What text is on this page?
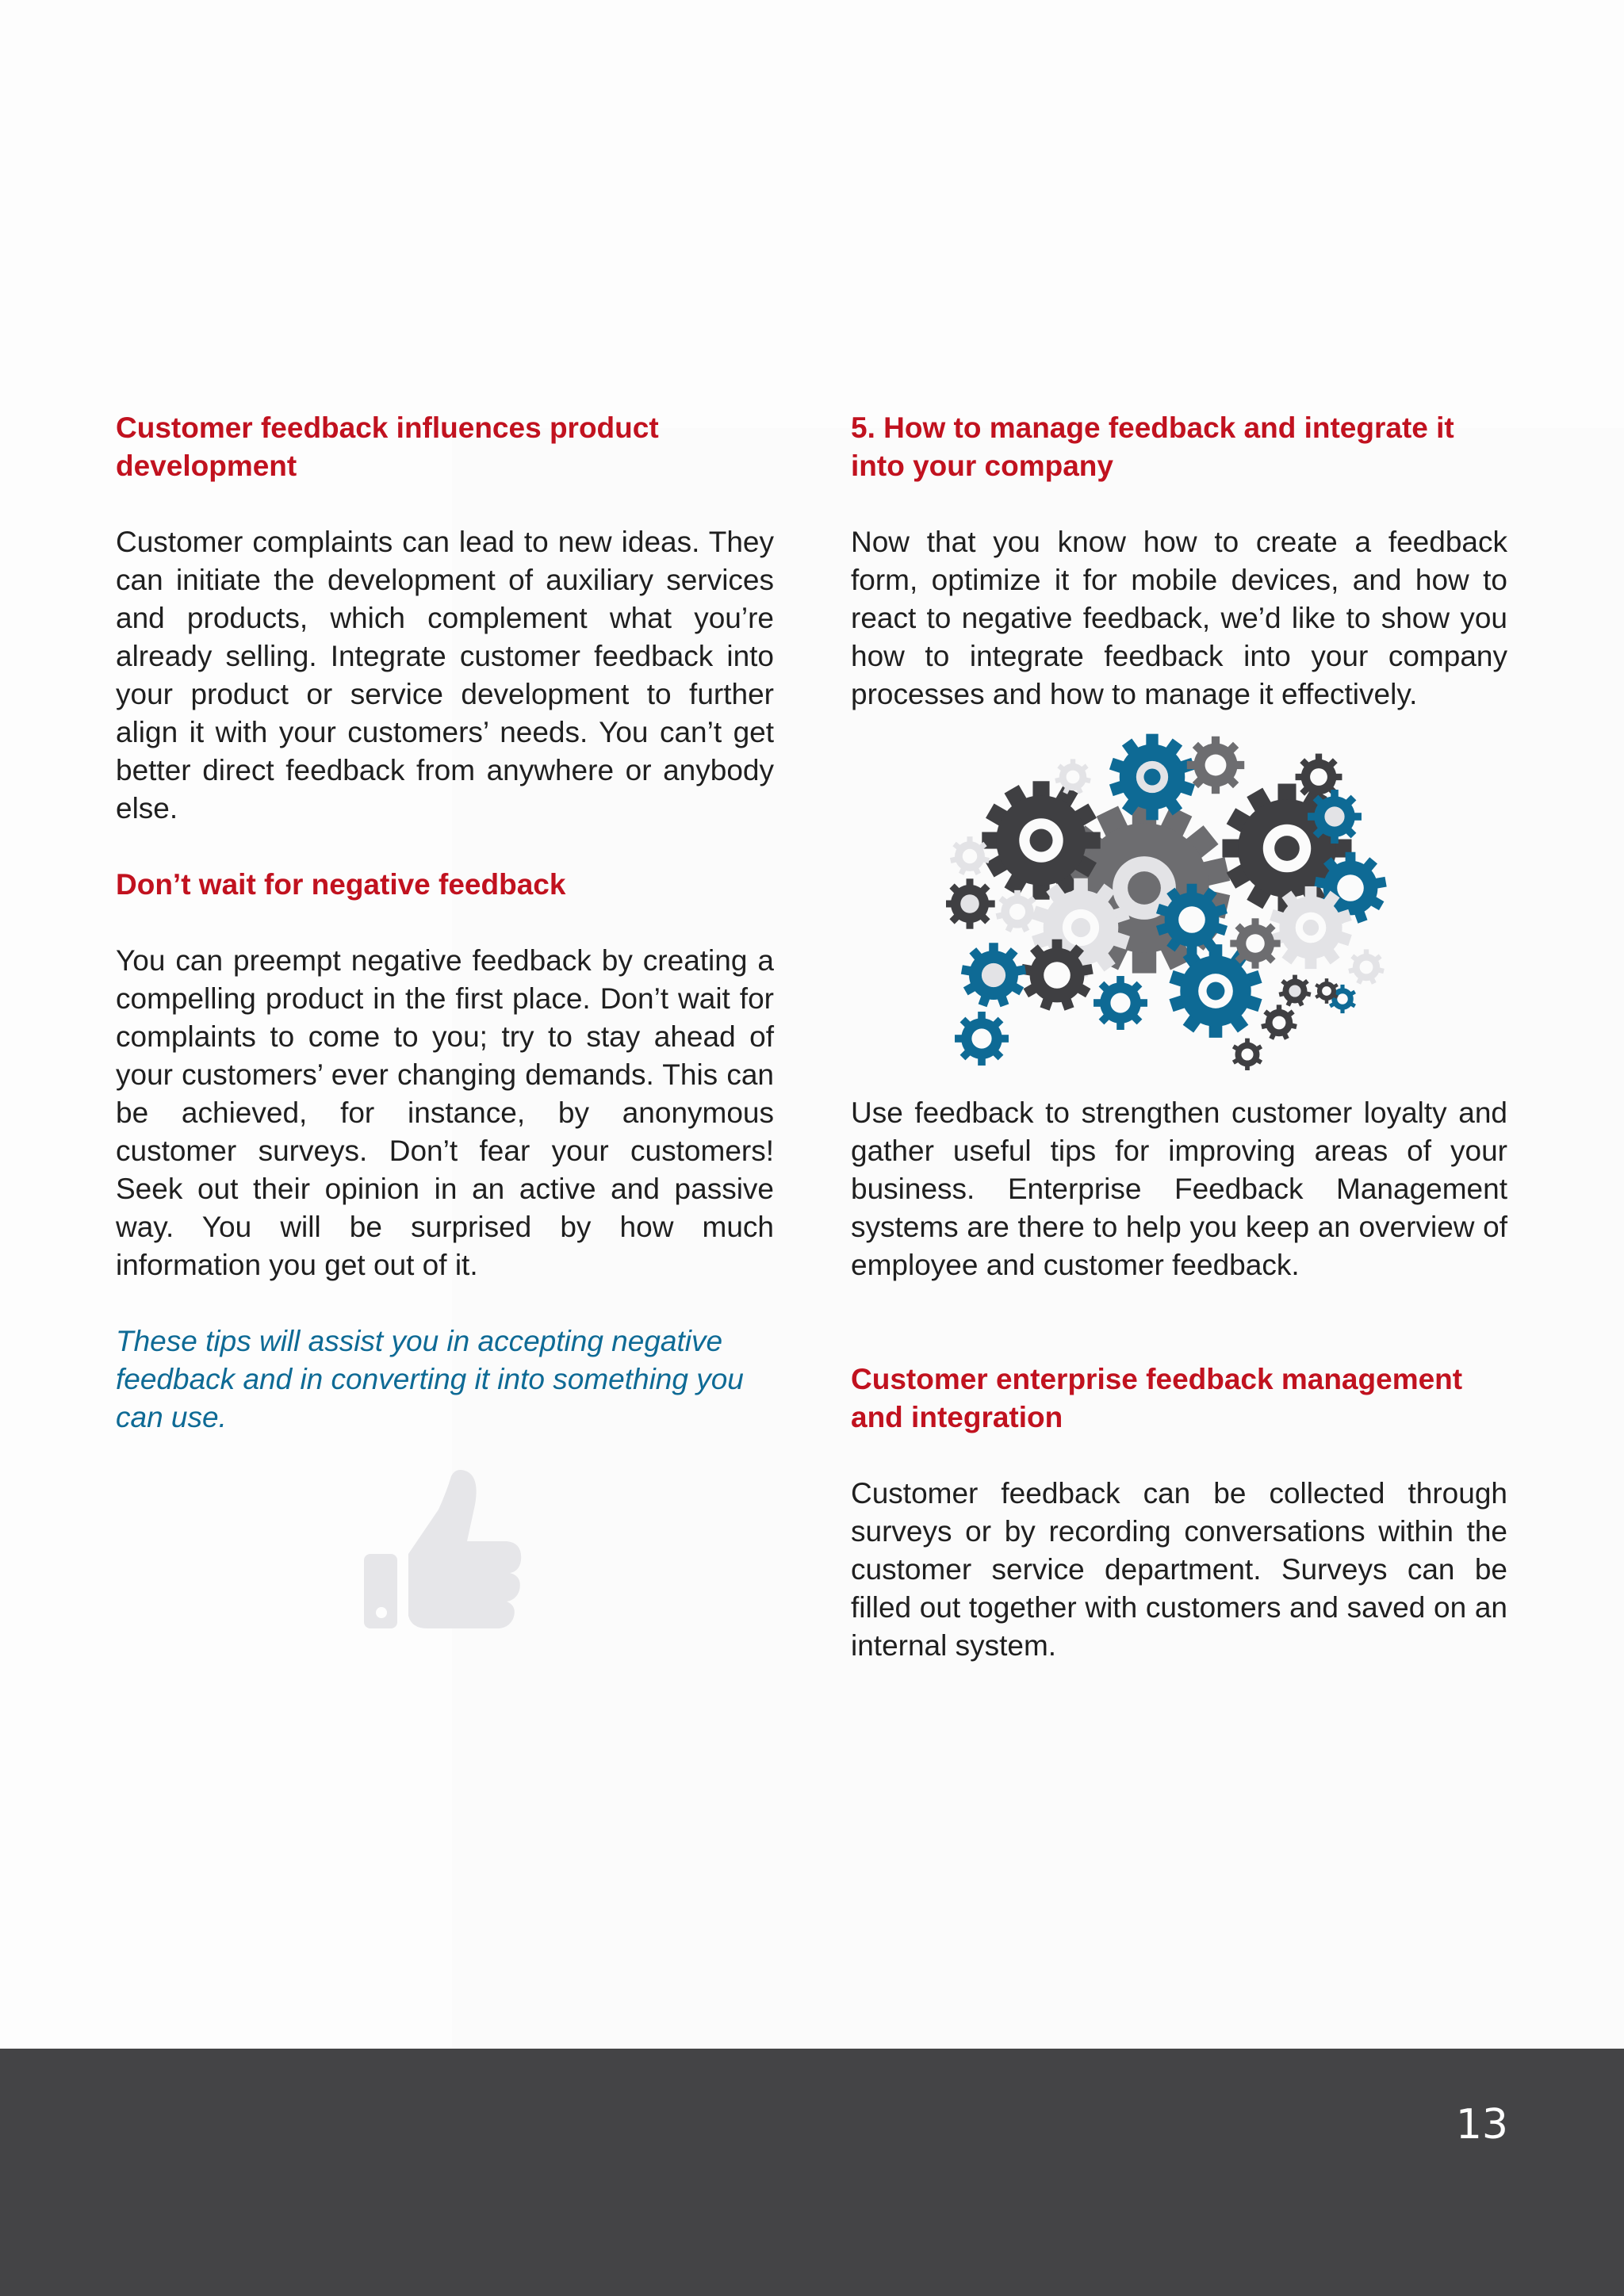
Customer feedback influences product development

Customer complaints can lead to new ideas. They can initiate the development of auxiliary services and products, which complement what you’re already selling. Integrate customer feedback into your product or service development to further align it with your customers’ needs. You can’t get better direct feedback from anywhere or anybody else.

Don’t wait for negative feedback

You can preempt negative feedback by creating a compelling product in the first place. Don’t wait for complaints to come to you; try to stay ahead of your customers’ ever changing demands. This can be achieved, for instance, by anonymous customer surveys. Don’t fear your customers! Seek out their opinion in an active and passive way. You will be surprised by how much information you get out of it.

These tips will assist you in accepting negative feedback and in converting it into something you can use.

5. How to manage feedback and integrate it into your company

Now that you know how to create a feedback form, optimize it for mobile devices, and how to react to negative feedback, we’d like to show you how to integrate feedback into your company processes and how to manage it effectively.

Use feedback to strengthen customer loyalty and gather useful tips for improving areas of your business. Enterprise Feedback Management systems are there to help you keep an overview of employee and customer feedback.

Customer enterprise feedback management and integration

Customer feedback can be collected through surveys or by recording conversations within the customer service department. Surveys can be filled out together with customers and saved on an internal system.

13
